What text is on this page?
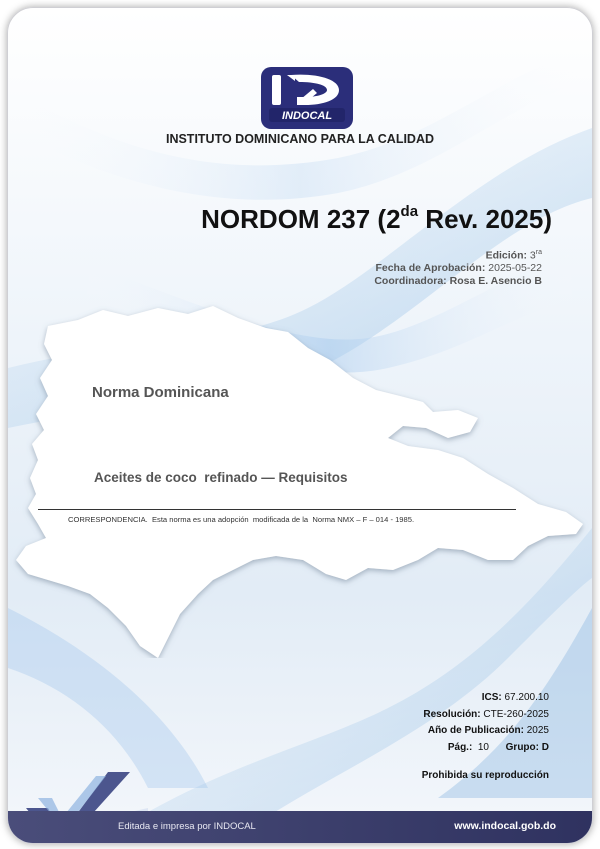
INDOCAL
INSTITUTO DOMINICANO PARA LA CALIDAD
NORDOM 237 ($2^{da}$ Rev. 2025)
Edición: $3^{ra}$
Fecha de Aprobación: 2025-05-22
Coordinadora: Rosa E. Asencio B
Norma Dominicana
Aceites de coco  refinado — Requisitos
CORRESPONDENCIA.  Esta norma es una adopción  modificada de la  Norma NMX – F – 014 - 1985.
ICS: 67.200.10
Resolución: CTE-260-2025
Año de Publicación: 2025
Pág.: 10 Grupo: D
Prohibida su reproducción
Editada e impresa por INDOCAL	www.indocal.gob.do
